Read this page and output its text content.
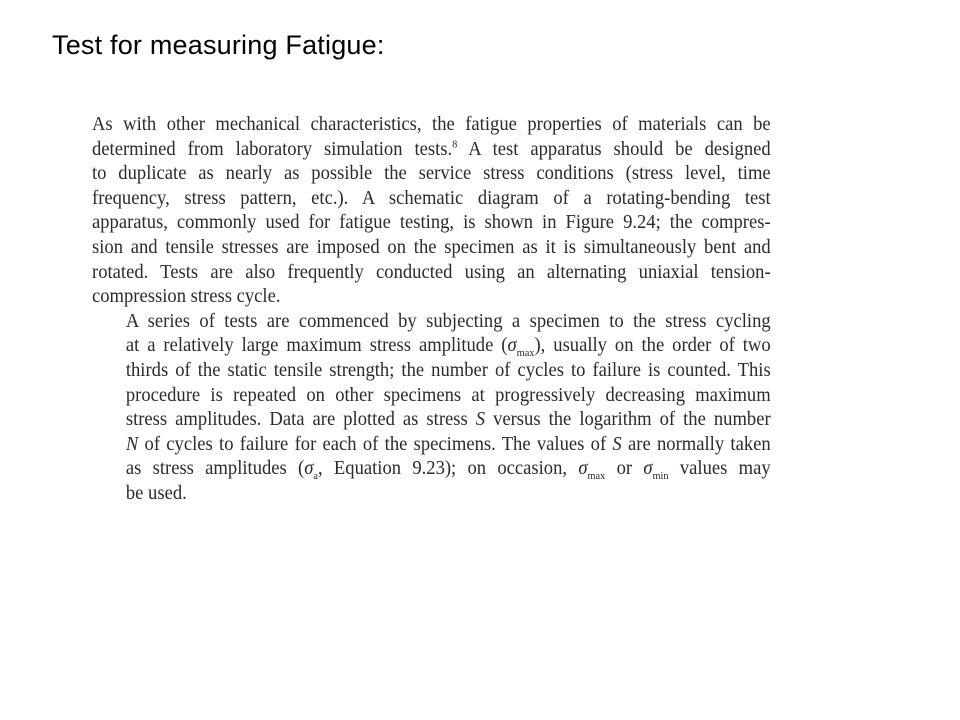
Test for measuring Fatigue:

As with other mechanical characteristics, the fatigue properties of materials can be
determined from laboratory simulation tests.$^8$ A test apparatus should be designed
to duplicate as nearly as possible the service stress conditions (stress level, time
frequency, stress pattern, etc.). A schematic diagram of a rotating-bending test
apparatus, commonly used for fatigue testing, is shown in Figure 9.24; the compres-
sion and tensile stresses are imposed on the specimen as it is simultaneously bent and
rotated. Tests are also frequently conducted using an alternating uniaxial tension-
compression stress cycle.

A series of tests are commenced by subjecting a specimen to the stress cycling
at a relatively large maximum stress amplitude $(\sigma_{max})$, usually on the order of two
thirds of the static tensile strength; the number of cycles to failure is counted. This
procedure is repeated on other specimens at progressively decreasing maximum
stress amplitudes. Data are plotted as stress S versus the logarithm of the number
N of cycles to failure for each of the specimens. The values of S are normally taken
as stress amplitudes ($\sigma_a$, Equation 9.23); on occasion, $\sigma_{max}$ or $\sigma_{min}$ values may
be used.
